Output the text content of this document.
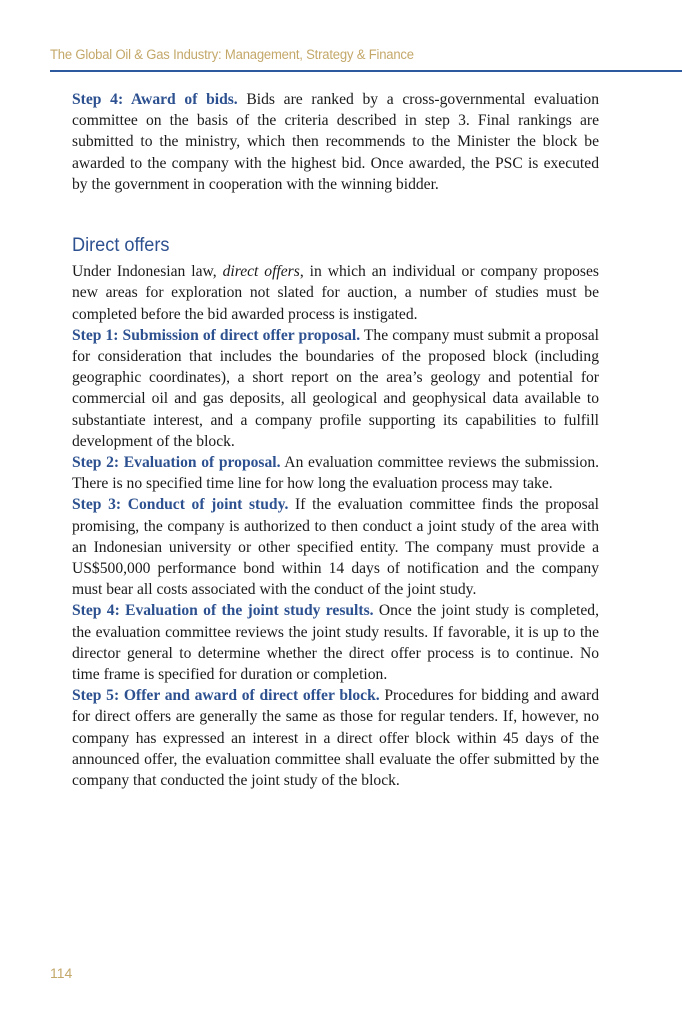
The Global Oil & Gas Industry: Management, Strategy & Finance

Step 4: Award of bids. Bids are ranked by a cross-governmental evaluation committee on the basis of the criteria described in step 3. Final rankings are submitted to the ministry, which then recommends to the Minister the block be awarded to the company with the highest bid. Once awarded, the PSC is executed by the government in cooperation with the winning bidder.

Direct offers

Under Indonesian law, direct offers, in which an individual or company proposes new areas for exploration not slated for auction, a number of studies must be completed before the bid awarded process is instigated.

Step 1: Submission of direct offer proposal. The company must submit a proposal for consideration that includes the boundaries of the proposed block (including geographic coordinates), a short report on the area’s geology and potential for commercial oil and gas deposits, all geological and geophysical data available to substantiate interest, and a company profile supporting its capabilities to fulfill development of the block.

Step 2: Evaluation of proposal. An evaluation committee reviews the submission. There is no specified time line for how long the evaluation process may take.

Step 3: Conduct of joint study. If the evaluation committee finds the proposal promising, the company is authorized to then conduct a joint study of the area with an Indonesian university or other specified entity. The company must provide a US$500,000 performance bond within 14 days of notification and the company must bear all costs associated with the conduct of the joint study.

Step 4: Evaluation of the joint study results. Once the joint study is completed, the evaluation committee reviews the joint study results. If favorable, it is up to the director general to determine whether the direct offer process is to continue. No time frame is specified for duration or completion.

Step 5: Offer and award of direct offer block. Procedures for bidding and award for direct offers are generally the same as those for regular tenders. If, however, no company has expressed an interest in a direct offer block within 45 days of the announced offer, the evaluation committee shall evaluate the offer submitted by the company that conducted the joint study of the block.

114
